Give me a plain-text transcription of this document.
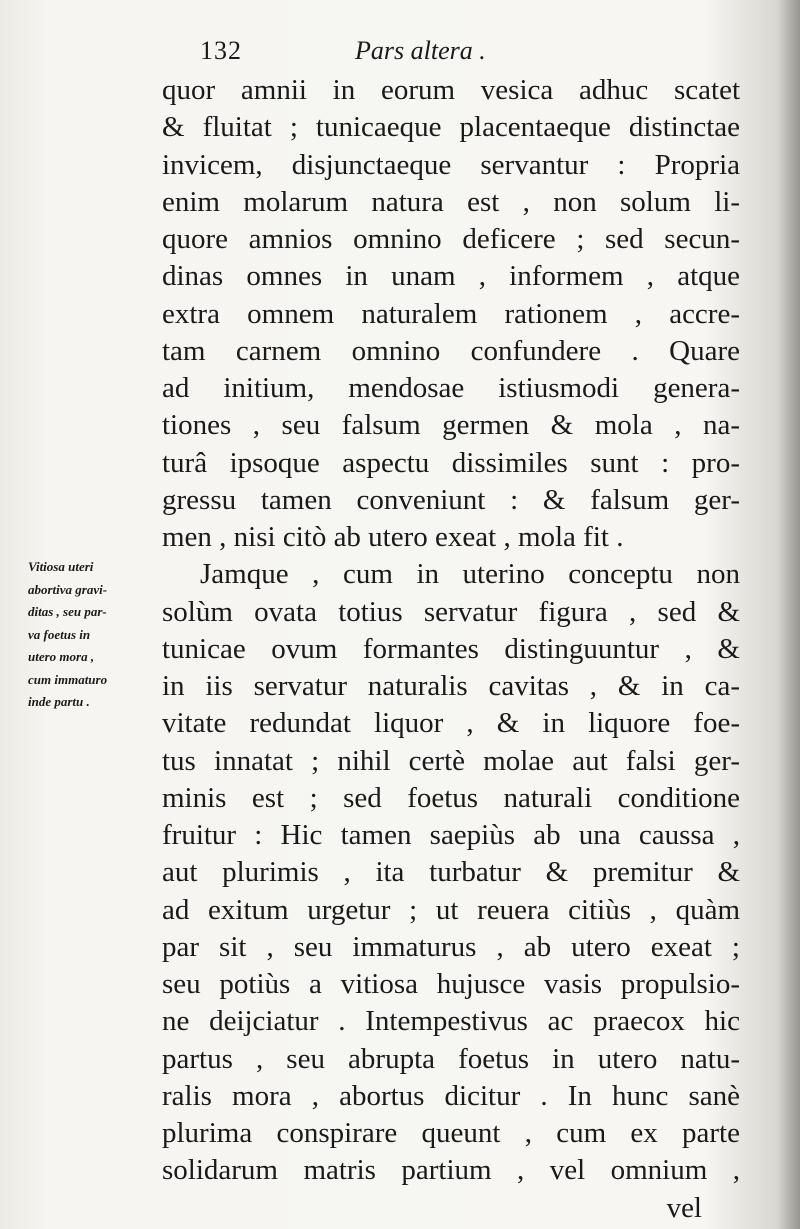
132	Pars altera .
Vitiosa uteri
abortiva gravi-
ditas , seu par-
va foetus in
utero mora ,
cum immaturo
inde partu .
quor amnii in eorum vesica adhuc scatet
& fluitat ; tunicaeque placentaeque distinctae
invicem, disjunctaeque servantur : Propria
enim molarum natura est , non solum li-
quore amnios omnino deficere ; sed secun-
dinas omnes in unam , informem , atque
extra omnem naturalem rationem , accre-
tam carnem omnino confundere . Quare
ad initium, mendosae istiusmodi genera-
tiones , seu falsum germen & mola , na-
turâ ipsoque aspectu dissimiles sunt : pro-
gressu tamen conveniunt : & falsum ger-
men , nisi citò ab utero exeat , mola fit .
Jamque , cum in uterino conceptu non
solùm ovata totius servatur figura , sed &
tunicae ovum formantes distinguuntur , &
in iis servatur naturalis cavitas , & in ca-
vitate redundat liquor , & in liquore foe-
tus innatat ; nihil certè molae aut falsi ger-
minis est ; sed foetus naturali conditione
fruitur : Hic tamen saepiùs ab una caussa ,
aut plurimis , ita turbatur & premitur &
ad exitum urgetur ; ut reuera citiùs , quàm
par sit , seu immaturus , ab utero exeat ;
seu potiùs a vitiosa hujusce vasis propulsio-
ne deijciatur . Intempestivus ac praecox hic
partus , seu abrupta foetus in utero natu-
ralis mora , abortus dicitur . In hunc sanè
plurima conspirare queunt , cum ex parte
solidarum matris partium , vel omnium ,
vel
